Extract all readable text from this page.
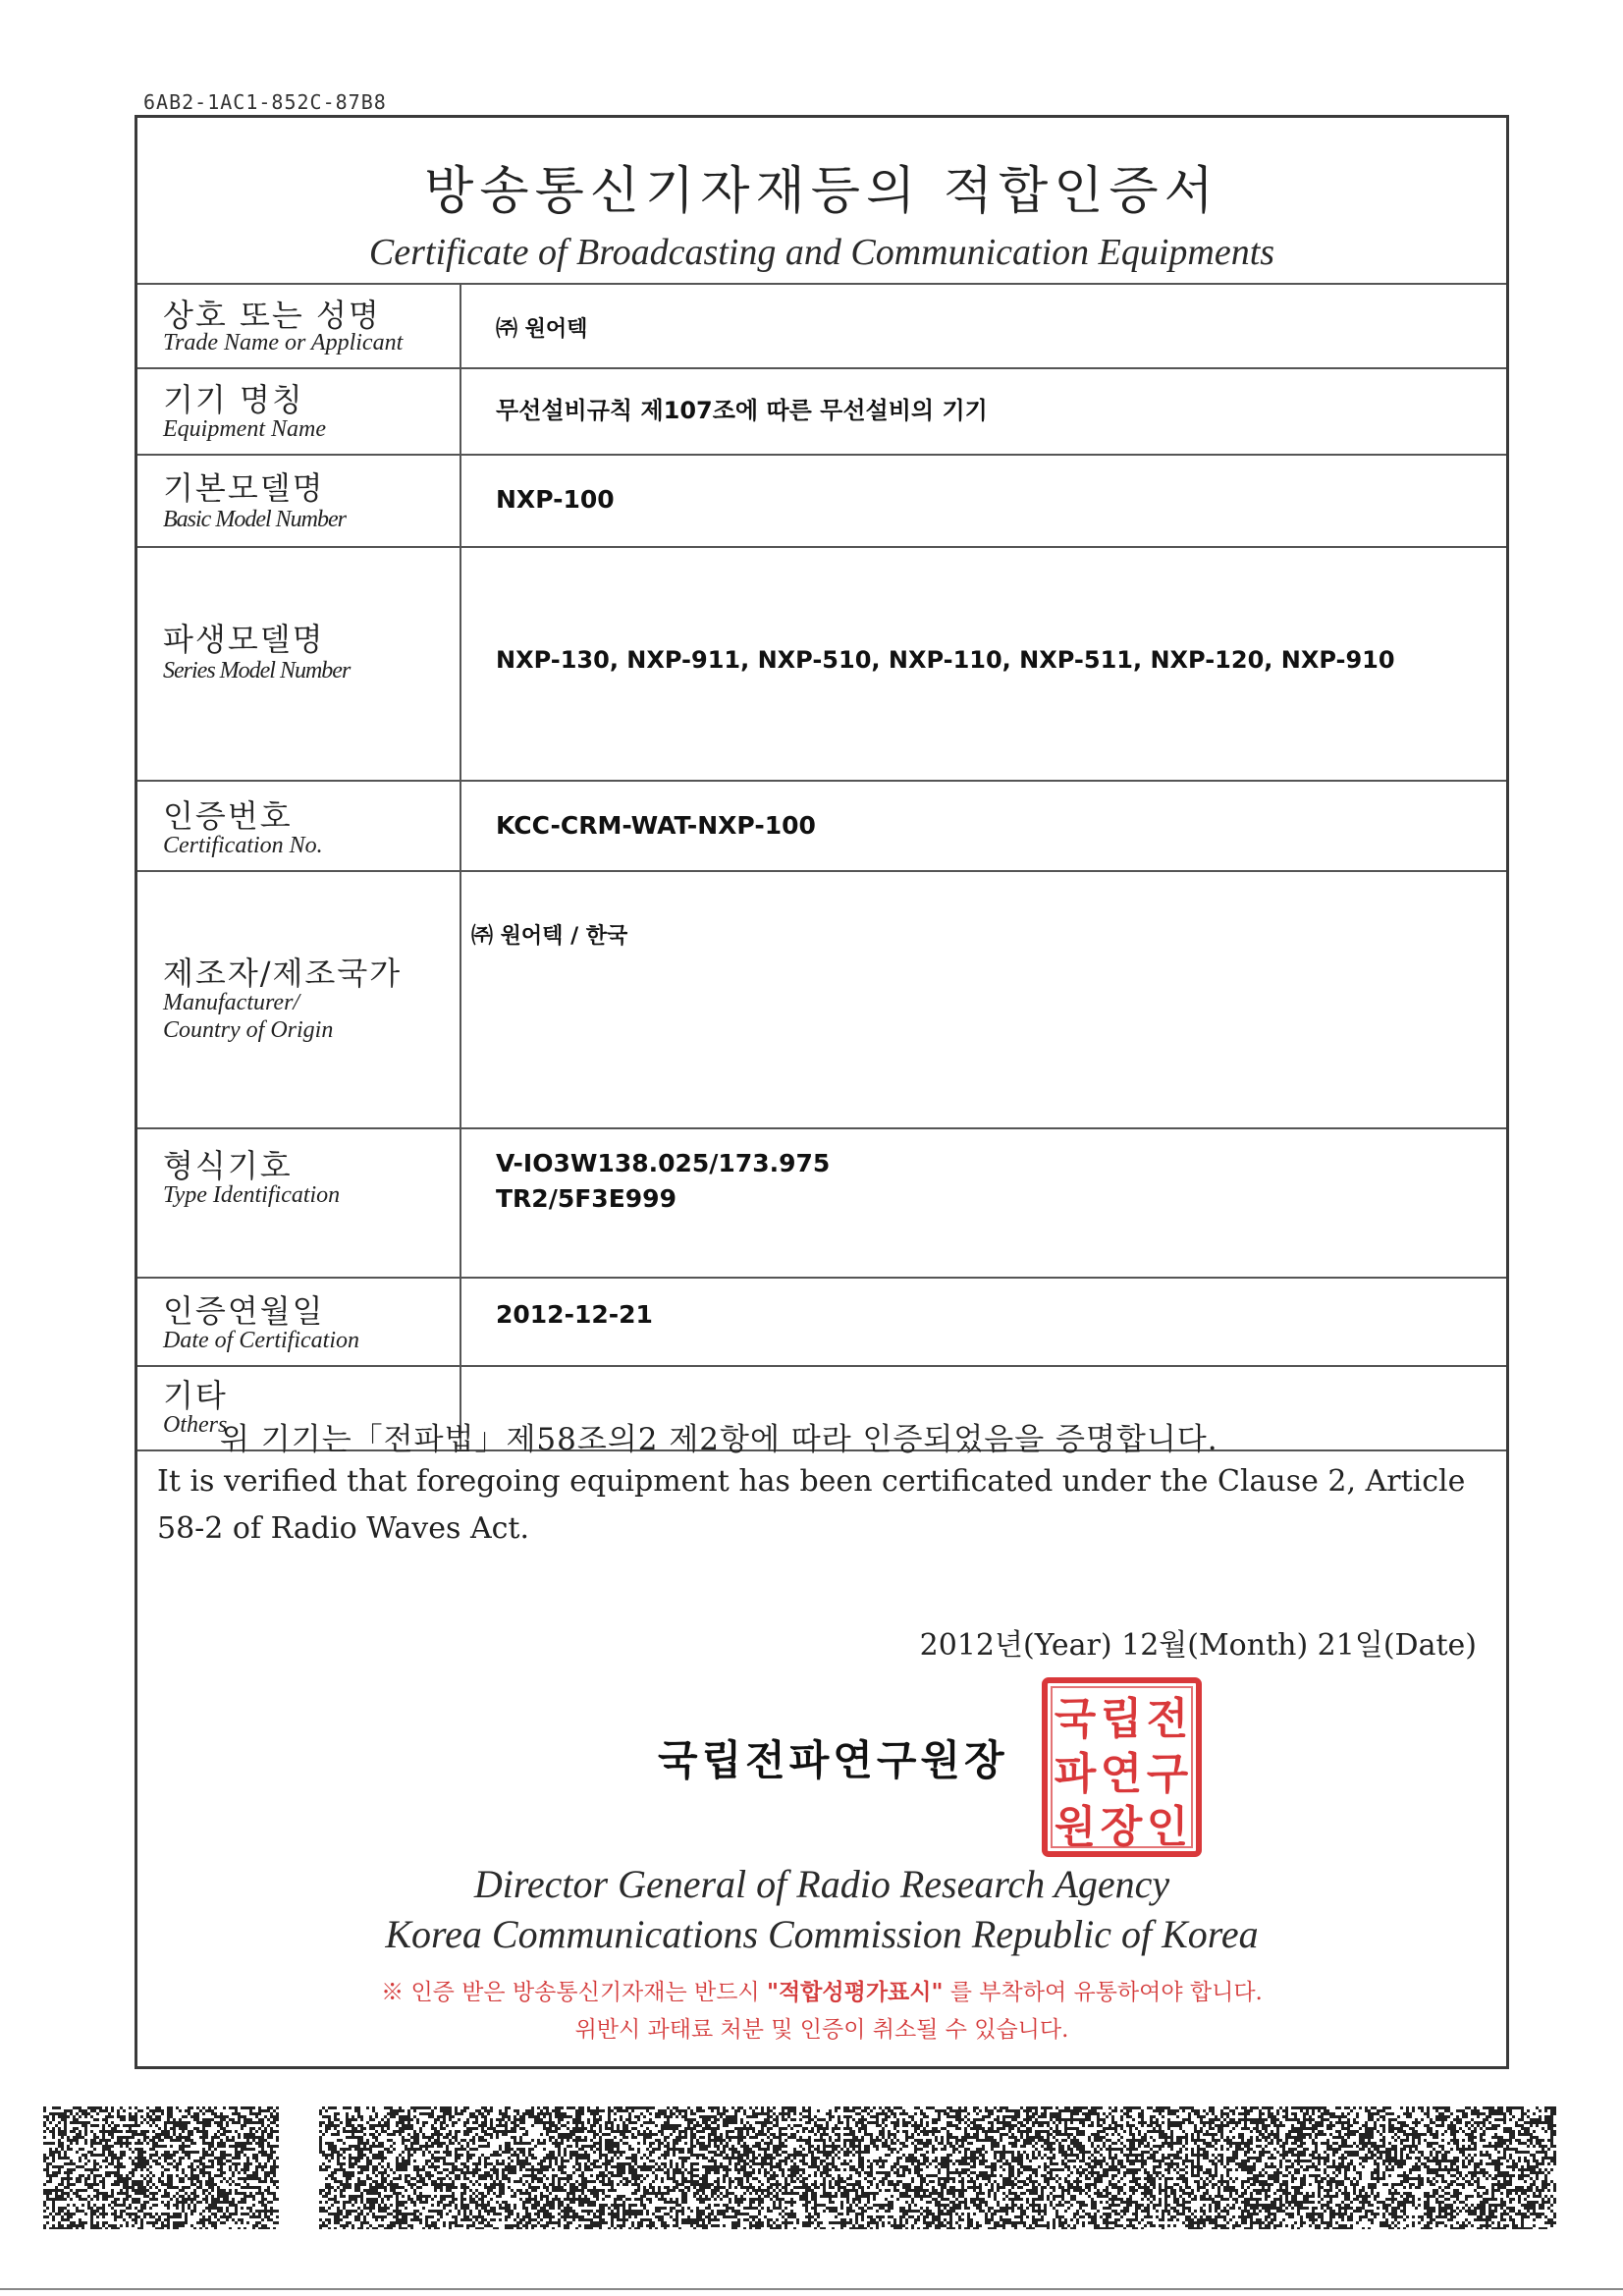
6AB2-1AC1-852C-87B8
방송통신기자재등의 적합인증서
Certificate of Broadcasting and Communication Equipments
상호 또는 성명
Trade Name or Applicant
㈜ 원어텍
기기 명칭
Equipment Name
무선설비규칙 제107조에 따른 무선설비의 기기
기본모델명
Basic Model Number
NXP-100
파생모델명
Series Model Number	NXP-130, NXP-911, NXP-510, NXP-110, NXP-511, NXP-120, NXP-910
인증번호
Certification No.
KCC-CRM-WAT-NXP-100
제조자/제조국가
Manufacturer/
Country of Origin
㈜ 원어텍 / 한국
형식기호
Type Identification
V-IO3W138.025/173.975
TR2/5F3E999
인증연월일
Date of Certification
2012-12-21
기타
Others
위 기기는「전파법」제58조의2 제2항에 따라 인증되었음을 증명합니다.
It is verified that foregoing equipment has been certificated under the Clause 2, Article 58-2 of Radio Waves Act.
2012년(Year) 12월(Month) 21일(Date)
국립전파연구원장
국 립 전
파 연 구
원 장 인
Director General of Radio Research Agency
Korea Communications Commission Republic of Korea
※ 인증 받은 방송통신기자재는 반드시 "적합성평가표시" 를 부착하여 유통하여야 합니다.
위반시 과태료 처분 및 인증이 취소될 수 있습니다.
